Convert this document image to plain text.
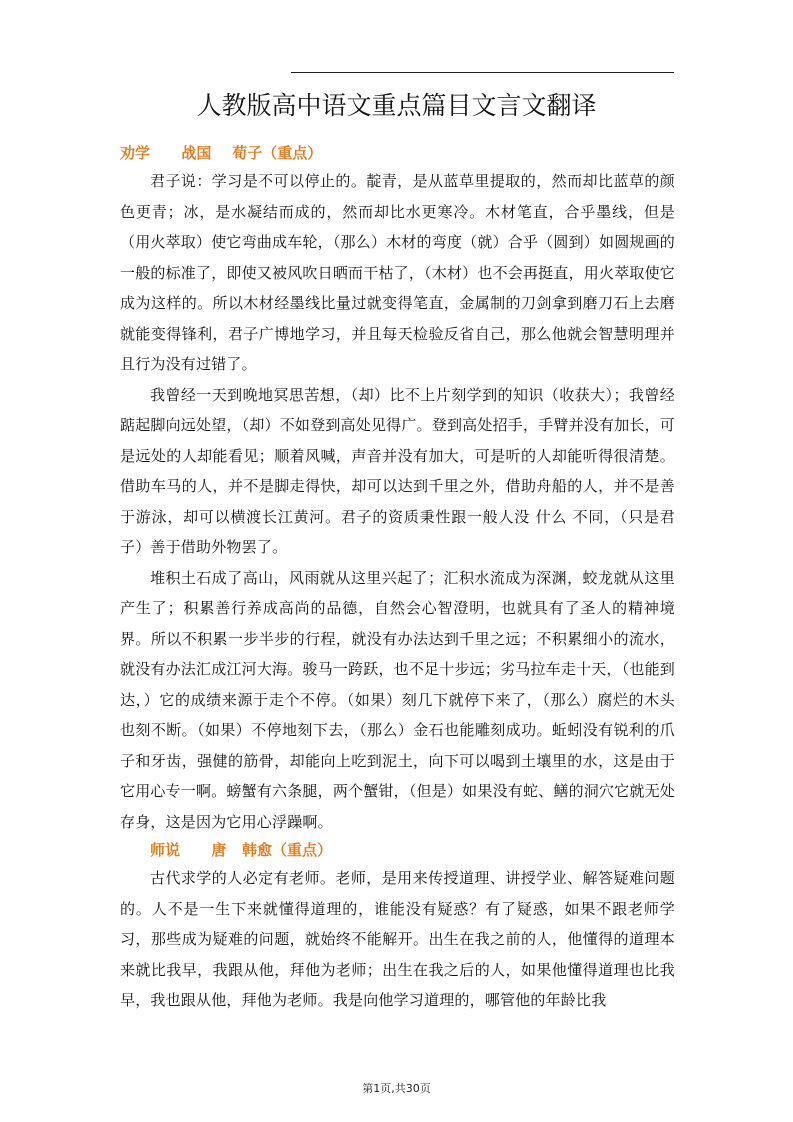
人教版高中语文重点篇目文言文翻译
劝学      战国    荀子（重点）

君子说：学习是不可以停止的。靛青，是从蓝草里提取的，然而却比蓝草的颜色更青；冰，是水凝结而成的，然而却比水更寒冷。木材笔直，合乎墨线，但是（用火萃取）使它弯曲成车轮，（那么）木材的弯度（就）合乎（圆到）如圆规画的一般的标准了，即使又被风吹日晒而干枯了，（木材）也不会再挺直，用火萃取使它成为这样的。所以木材经墨线比量过就变得笔直，金属制的刀剑拿到磨刀石上去磨就能变得锋利，君子广博地学习，并且每天检验反省自己，那么他就会智慧明理并且行为没有过错了。

我曾经一天到晚地冥思苦想，（却）比不上片刻学到的知识（收获大）；我曾经踮起脚向远处望，（却）不如登到高处见得广。登到高处招手，手臂并没有加长，可是远处的人却能看见；顺着风喊，声音并没有加大，可是听的人却能听得很清楚。借助车马的人，并不是脚走得快，却可以达到千里之外，借助舟船的人，并不是善于游泳，却可以横渡长江黄河。君子的资质秉性跟一般人没 什么 不同，（只是君子）善于借助外物罢了。

堆积土石成了高山，风雨就从这里兴起了；汇积水流成为深渊，蛟龙就从这里产生了；积累善行养成高尚的品德，自然会心智澄明，也就具有了圣人的精神境界。所以不积累一步半步的行程，就没有办法达到千里之远；不积累细小的流水，就没有办法汇成江河大海。骏马一跨跃，也不足十步远；劣马拉车走十天，（也能到达，）它的成绩来源于走个不停。（如果）刻几下就停下来了，（那么）腐烂的木头也刻不断。（如果）不停地刻下去，（那么）金石也能雕刻成功。蚯蚓没有锐利的爪子和牙齿，强健的筋骨，却能向上吃到泥土，向下可以喝到土壤里的水，这是由于它用心专一啊。螃蟹有六条腿，两个蟹钳，（但是）如果没有蛇、鳝的洞穴它就无处存身，这是因为它用心浮躁啊。

师说      唐   韩愈（重点）

古代求学的人必定有老师。老师，是用来传授道理、讲授学业、解答疑难问题的。人不是一生下来就懂得道理的，谁能没有疑惑？有了疑惑，如果不跟老师学习，那些成为疑难的问题，就始终不能解开。出生在我之前的人，他懂得的道理本来就比我早，我跟从他，拜他为老师；出生在我之后的人，如果他懂得道理也比我早，我也跟从他，拜他为老师。我是向他学习道理的，哪管他的年龄比我

第1页,共30页
